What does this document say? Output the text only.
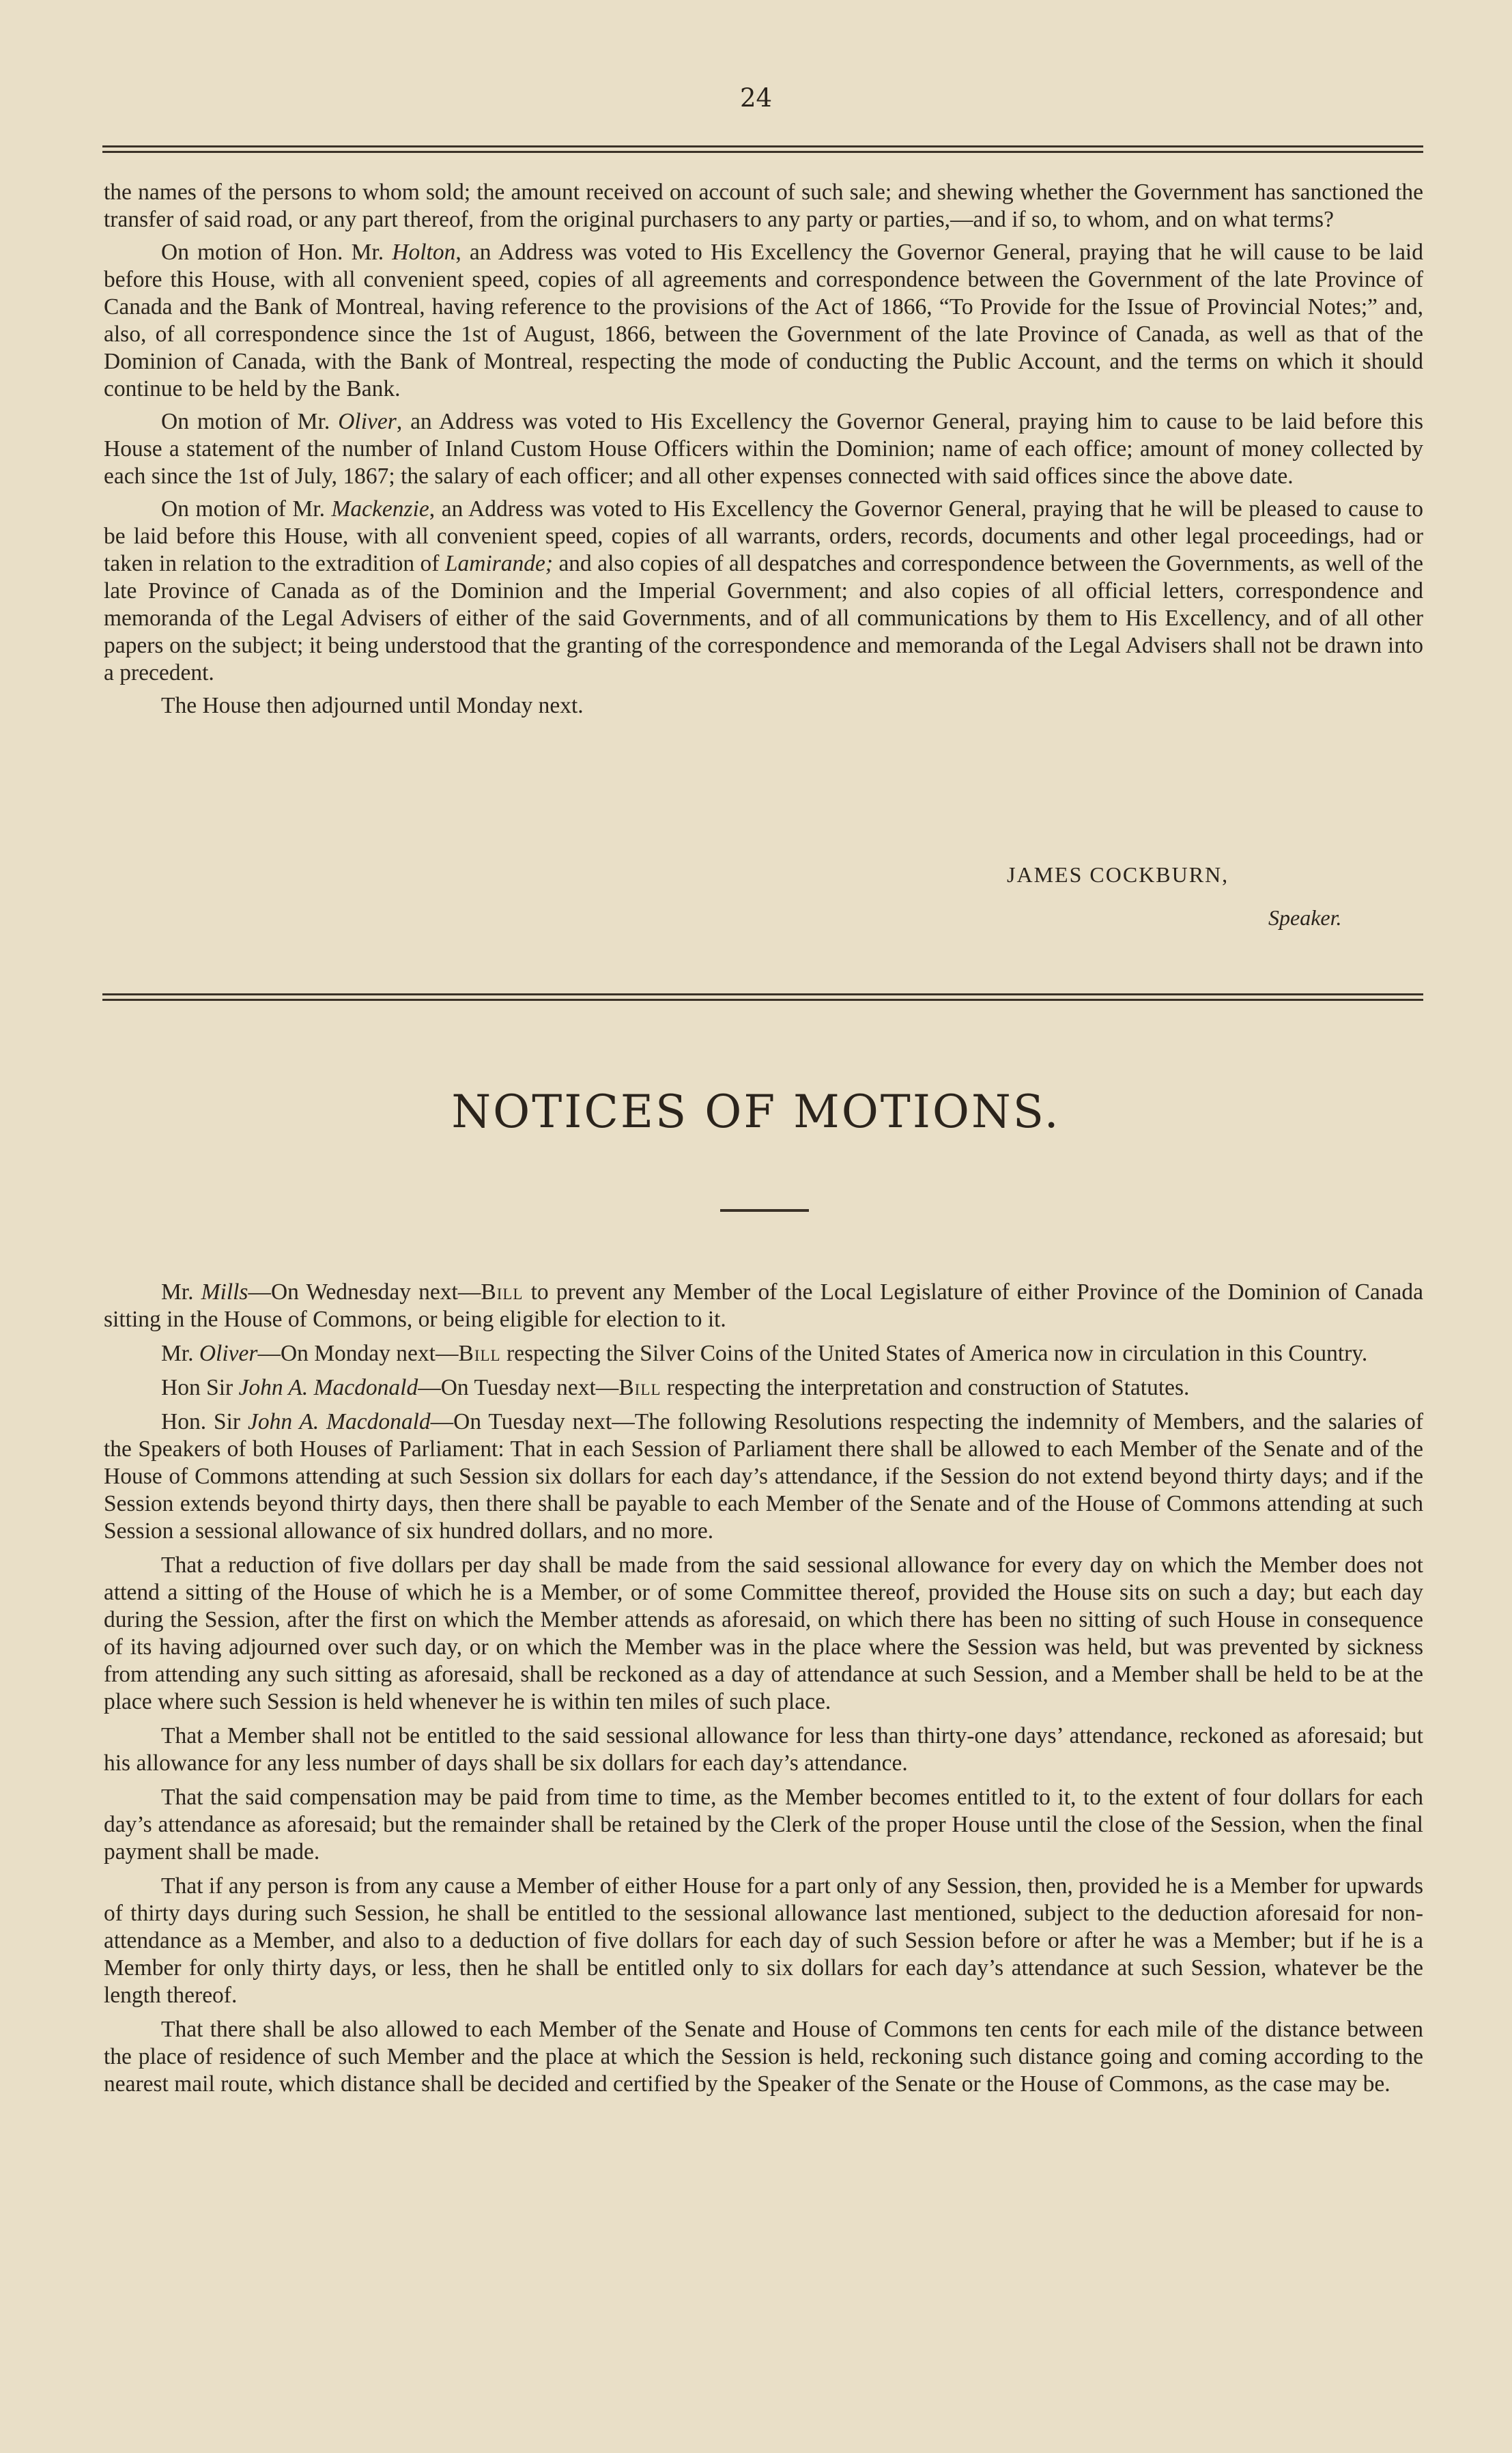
24

the names of the persons to whom sold; the amount received on account of such sale; and shewing whether the Government has sanctioned the transfer of said road, or any part thereof, from the original purchasers to any party or parties,—and if so, to whom, and on what terms?

On motion of Hon. Mr. Holton, an Address was voted to His Excellency the Governor General, praying that he will cause to be laid before this House, with all convenient speed, copies of all agreements and correspondence between the Government of the late Province of Canada and the Bank of Montreal, having reference to the provisions of the Act of 1866, “To Provide for the Issue of Provincial Notes;” and, also, of all correspondence since the 1st of August, 1866, between the Government of the late Province of Canada, as well as that of the Dominion of Canada, with the Bank of Montreal, respecting the mode of conducting the Public Account, and the terms on which it should continue to be held by the Bank.

On motion of Mr. Oliver, an Address was voted to His Excellency the Governor General, praying him to cause to be laid before this House a statement of the number of Inland Custom House Officers within the Dominion; name of each office; amount of money collected by each since the 1st of July, 1867; the salary of each officer; and all other expenses connected with said offices since the above date.

On motion of Mr. Mackenzie, an Address was voted to His Excellency the Governor General, praying that he will be pleased to cause to be laid before this House, with all convenient speed, copies of all warrants, orders, records, documents and other legal proceedings, had or taken in relation to the extradition of Lamirande; and also copies of all despatches and correspondence between the Governments, as well of the late Province of Canada as of the Dominion and the Imperial Government; and also copies of all official letters, correspondence and memoranda of the Legal Advisers of either of the said Governments, and of all communications by them to His Excellency, and of all other papers on the subject; it being understood that the granting of the correspondence and memoranda of the Legal Advisers shall not be drawn into a precedent.

The House then adjourned until Monday next.

JAMES COCKBURN,
Speaker.
NOTICES OF MOTIONS.

Mr. Mills—On Wednesday next—Bill to prevent any Member of the Local Legislature of either Province of the Dominion of Canada sitting in the House of Commons, or being eligible for election to it.

Mr. Oliver—On Monday next—Bill respecting the Silver Coins of the United States of America now in circulation in this Country.

Hon Sir John A. Macdonald—On Tuesday next—Bill respecting the interpretation and construction of Statutes.

Hon. Sir John A. Macdonald—On Tuesday next—The following Resolutions respecting the indemnity of Members, and the salaries of the Speakers of both Houses of Parliament: That in each Session of Parliament there shall be allowed to each Member of the Senate and of the House of Commons attending at such Session six dollars for each day’s attendance, if the Session do not extend beyond thirty days; and if the Session extends beyond thirty days, then there shall be payable to each Member of the Senate and of the House of Commons attending at such Session a sessional allowance of six hundred dollars, and no more.

That a reduction of five dollars per day shall be made from the said sessional allowance for every day on which the Member does not attend a sitting of the House of which he is a Member, or of some Committee thereof, provided the House sits on such a day; but each day during the Session, after the first on which the Member attends as aforesaid, on which there has been no sitting of such House in consequence of its having adjourned over such day, or on which the Member was in the place where the Session was held, but was prevented by sickness from attending any such sitting as aforesaid, shall be reckoned as a day of attendance at such Session, and a Member shall be held to be at the place where such Session is held whenever he is within ten miles of such place.

That a Member shall not be entitled to the said sessional allowance for less than thirty-one days’ attendance, reckoned as aforesaid; but his allowance for any less number of days shall be six dollars for each day’s attendance.

That the said compensation may be paid from time to time, as the Member becomes entitled to it, to the extent of four dollars for each day’s attendance as aforesaid; but the remainder shall be retained by the Clerk of the proper House until the close of the Session, when the final payment shall be made.

That if any person is from any cause a Member of either House for a part only of any Session, then, provided he is a Member for upwards of thirty days during such Session, he shall be entitled to the sessional allowance last mentioned, subject to the deduction aforesaid for non-attendance as a Member, and also to a deduction of five dollars for each day of such Session before or after he was a Member; but if he is a Member for only thirty days, or less, then he shall be entitled only to six dollars for each day’s attendance at such Session, whatever be the length thereof.

That there shall be also allowed to each Member of the Senate and House of Commons ten cents for each mile of the distance between the place of residence of such Member and the place at which the Session is held, reckoning such distance going and coming according to the nearest mail route, which distance shall be decided and certified by the Speaker of the Senate or the House of Commons, as the case may be.
